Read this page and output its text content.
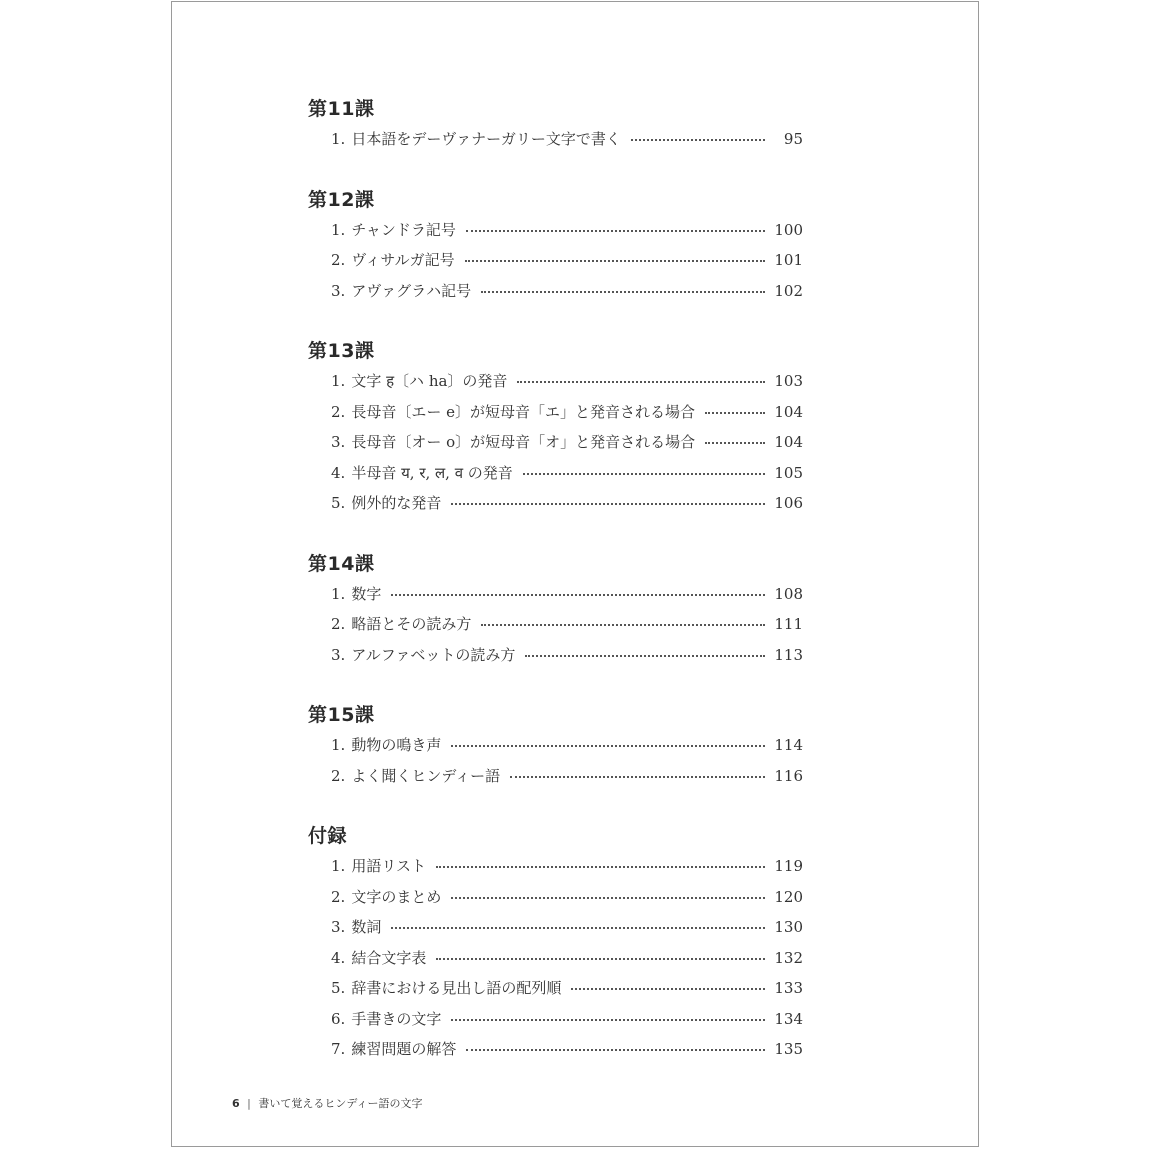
第11課
1. 日本語をデーヴァナーガリー文字で書く	95
第12課
1. チャンドラ記号	100
2. ヴィサルガ記号	101
3. アヴァグラハ記号	102
第13課
1. 文字 ह〔ハ ha〕の発音	103
2. 長母音〔エー e〕が短母音「エ」と発音される場合	104
3. 長母音〔オー o〕が短母音「オ」と発音される場合	104
4. 半母音 य, र, ल, व の発音	105
5. 例外的な発音	106
第14課
1. 数字	108
2. 略語とその読み方	111
3. アルファベットの読み方	113
第15課
1. 動物の鳴き声	114
2. よく聞くヒンディー語	116
付録
1. 用語リスト	119
2. 文字のまとめ	120
3. 数詞	130
4. 結合文字表	132
5. 辞書における見出し語の配列順	133
6. 手書きの文字	134
7. 練習問題の解答	135
6 | 書いて覚えるヒンディー語の文字
